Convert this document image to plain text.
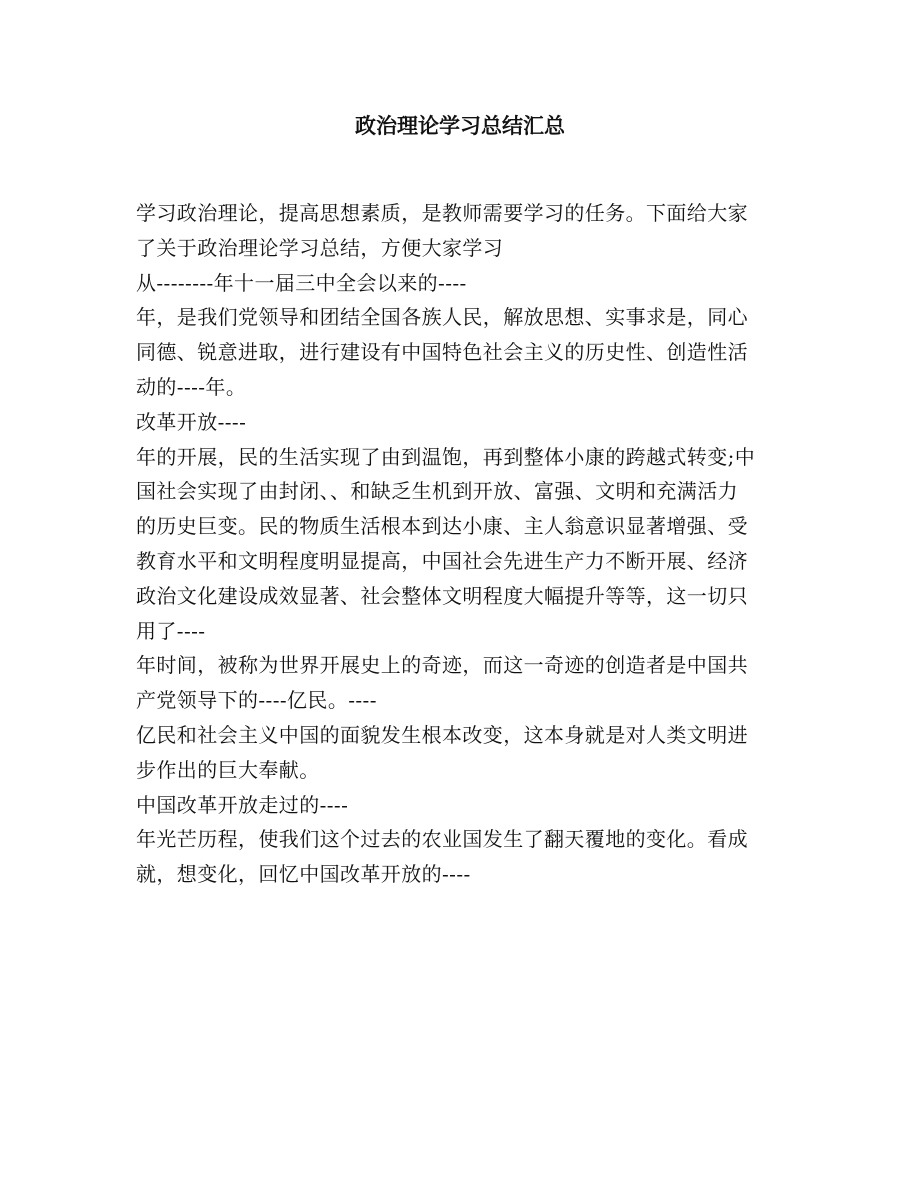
政治理论学习总结汇总

学习政治理论，提高思想素质，是教师需要学习的任务。下面给大家

了关于政治理论学习总结，方便大家学习

从--------年十一届三中全会以来的----

年，是我们党领导和团结全国各族人民，解放思想、实事求是，同心

同德、锐意进取，进行建设有中国特色社会主义的历史性、创造性活

动的----年。

改革开放----

年的开展，民的生活实现了由到温饱，再到整体小康的跨越式转变;中

国社会实现了由封闭、、和缺乏生机到开放、富强、文明和充满活力

的历史巨变。民的物质生活根本到达小康、主人翁意识显著增强、受

教育水平和文明程度明显提高，中国社会先进生产力不断开展、经济

政治文化建设成效显著、社会整体文明程度大幅提升等等，这一切只

用了----

年时间，被称为世界开展史上的奇迹，而这一奇迹的创造者是中国共

产党领导下的----亿民。----

亿民和社会主义中国的面貌发生根本改变，这本身就是对人类文明进

步作出的巨大奉献。

中国改革开放走过的----

年光芒历程，使我们这个过去的农业国发生了翻天覆地的变化。看成

就，想变化，回忆中国改革开放的----
